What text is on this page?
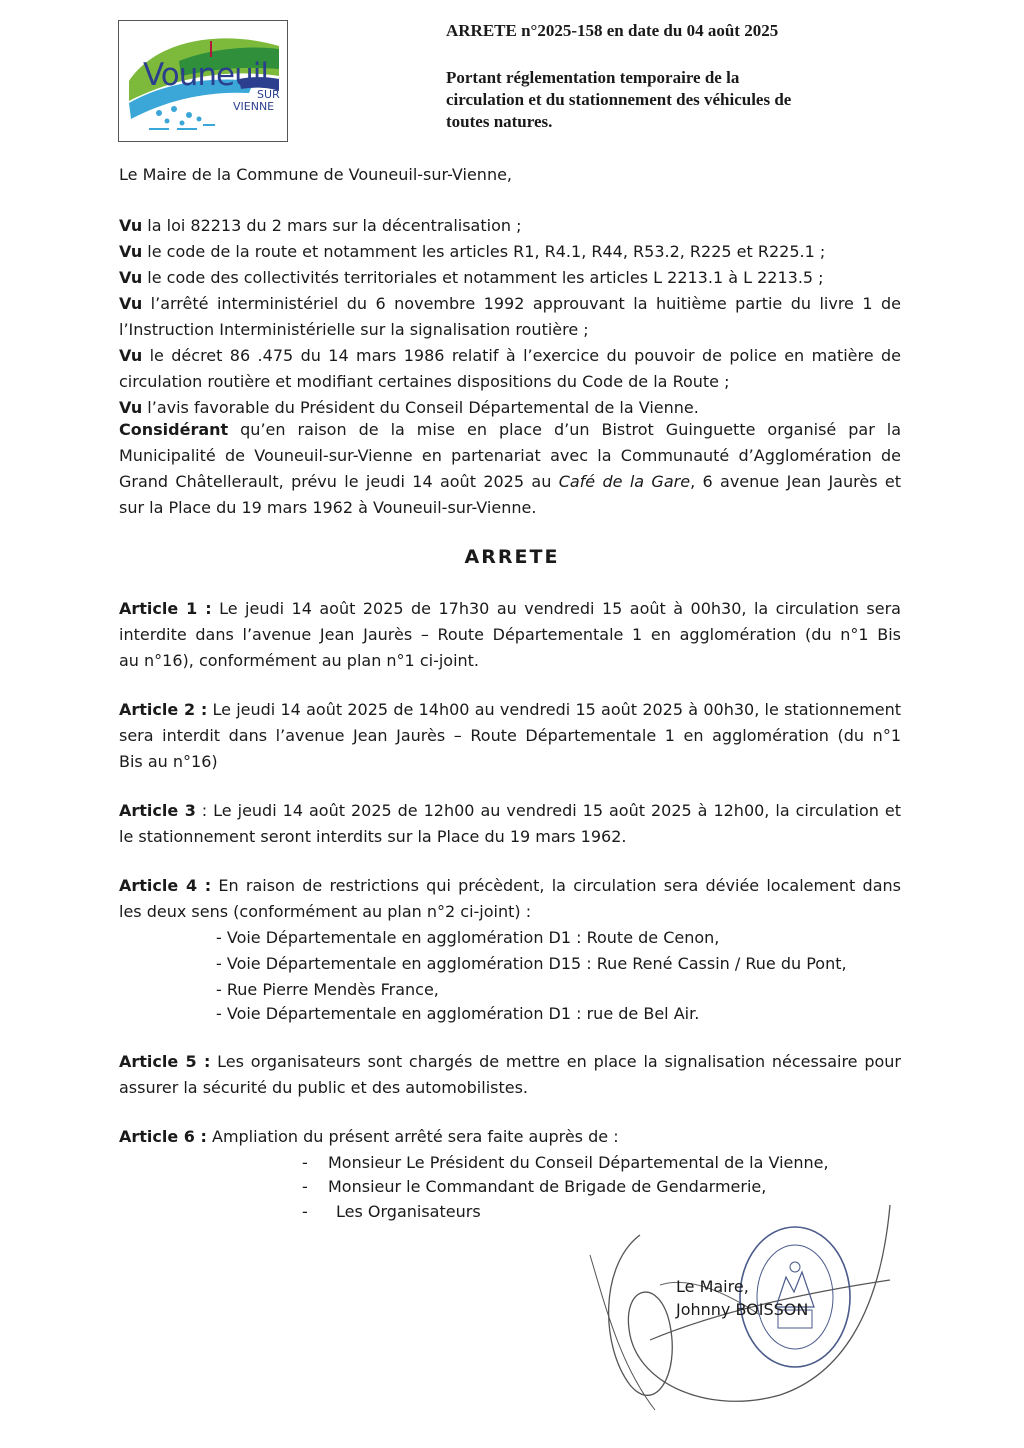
Vouneuil
SUR
VIENNE
ARRETE n°2025-158 en date du 04 août 2025
Portant réglementation temporaire de la
circulation et du stationnement des véhicules de
toutes natures.
Le Maire de la Commune de Vouneuil-sur-Vienne,
Vu la loi 82213 du 2 mars sur la décentralisation ;
Vu le code de la route et notamment les articles R1, R4.1, R44, R53.2, R225 et R225.1 ;
Vu le code des collectivités territoriales et notamment les articles L 2213.1 à L 2213.5 ;
Vu l’arrêté interministériel du 6 novembre 1992 approuvant la huitième partie du livre 1 de
l’Instruction Interministérielle sur la signalisation routière ;
Vu le décret 86 .475 du 14 mars 1986 relatif à l’exercice du pouvoir de police en matière de
circulation routière et modifiant certaines dispositions du Code de la Route ;
Vu l’avis favorable du Président du Conseil Départemental de la Vienne.
Considérant qu’en raison de la mise en place d’un Bistrot Guinguette organisé par la
Municipalité de Vouneuil-sur-Vienne en partenariat avec la Communauté d’Agglomération de
Grand Châtellerault, prévu le jeudi 14 août 2025 au Café de la Gare, 6 avenue Jean Jaurès et
sur la Place du 19 mars 1962 à Vouneuil-sur-Vienne.
ARRETE
Article 1 : Le jeudi 14 août 2025 de 17h30 au vendredi 15 août à 00h30, la circulation sera
interdite dans l’avenue Jean Jaurès – Route Départementale 1 en agglomération (du n°1 Bis
au n°16), conformément au plan n°1 ci-joint.
Article 2 : Le jeudi 14 août 2025 de 14h00 au vendredi 15 août 2025 à 00h30, le stationnement
sera interdit dans l’avenue Jean Jaurès – Route Départementale 1 en agglomération (du n°1
Bis au n°16)
Article 3 : Le jeudi 14 août 2025 de 12h00 au vendredi 15 août 2025 à 12h00, la circulation et
le stationnement seront interdits sur la Place du 19 mars 1962.
Article 4 : En raison de restrictions qui précèdent, la circulation sera déviée localement dans
les deux sens (conformément au plan n°2 ci-joint) :
- Voie Départementale en agglomération D1 : Route de Cenon,
- Voie Départementale en agglomération D15 : Rue René Cassin / Rue du Pont,
- Rue Pierre Mendès France,
- Voie Départementale en agglomération D1 : rue de Bel Air.
Article 5 : Les organisateurs sont chargés de mettre en place la signalisation nécessaire pour
assurer la sécurité du public et des automobilistes.
Article 6 : Ampliation du présent arrêté sera faite auprès de :
- Monsieur Le Président du Conseil Départemental de la Vienne,
- Monsieur le Commandant de Brigade de Gendarmerie,
- Les Organisateurs
Le Maire,
Johnny BOISSON
